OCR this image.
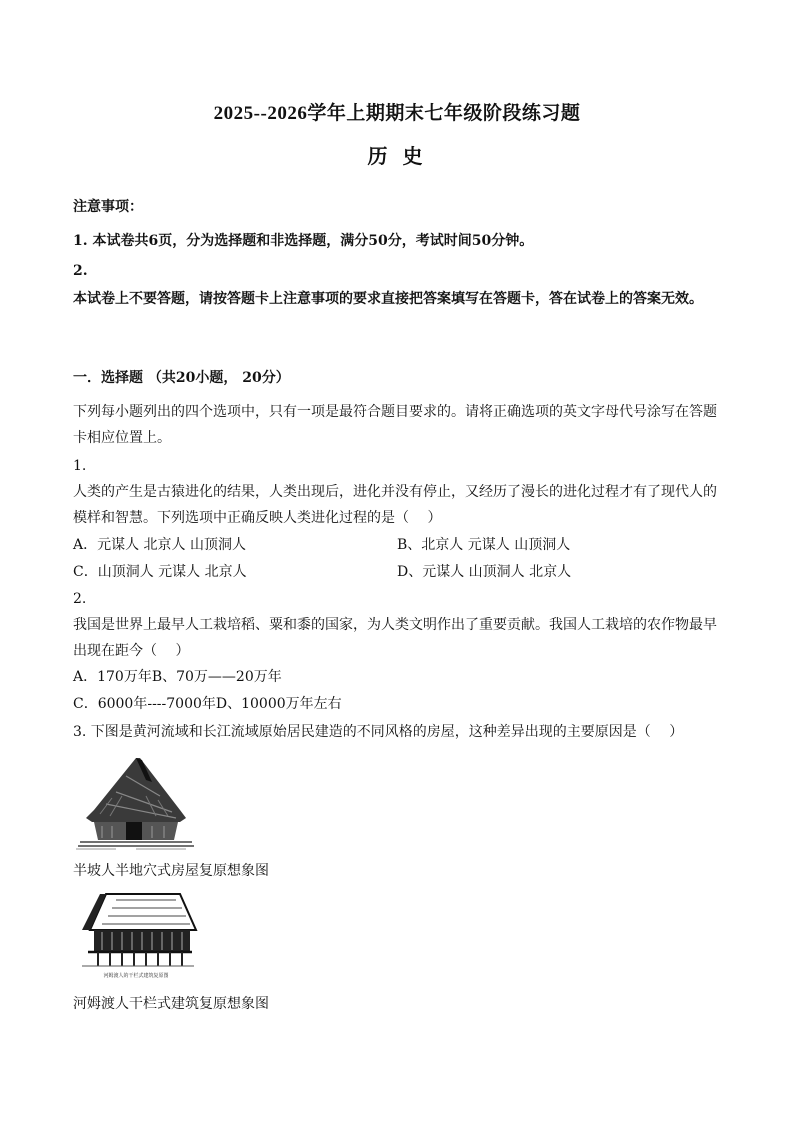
2025--2026学年上期期末七年级阶段练习题
历 史
注意事项：
1. 本试卷共6页，分为选择题和非选择题，满分50分，考试时间50分钟。
2.
本试卷上不要答题，请按答题卡上注意事项的要求直接把答案填写在答题卡，答在试卷上的答案无效。
一．选择题 （共20小题， 20分）
下列每小题列出的四个选项中，只有一项是最符合题目要求的。请将正确选项的英文字母代号涂写在答题卡相应位置上。
1.
人类的产生是古猿进化的结果，人类出现后，进化并没有停止，又经历了漫长的进化过程才有了现代人的模样和智慧。下列选项中正确反映人类进化过程的是（　 ）
A．元谋人 北京人 山顶洞人	B、北京人 元谋人 山顶洞人
C．山顶洞人 元谋人 北京人	D、元谋人 山顶洞人 北京人
2.
我国是世界上最早人工栽培稻、粟和黍的国家，为人类文明作出了重要贡献。我国人工栽培的农作物最早出现在距今（　 ）
A．170万年B、70万——20万年
C．6000年----7000年D、10000万年左右
3. 下图是黄河流域和长江流域原始居民建造的不同风格的房屋，这种差异出现的主要原因是（　 ）
半坡人半地穴式房屋复原想象图
河姆渡人的干栏式建筑复原图
河姆渡人干栏式建筑复原想象图
